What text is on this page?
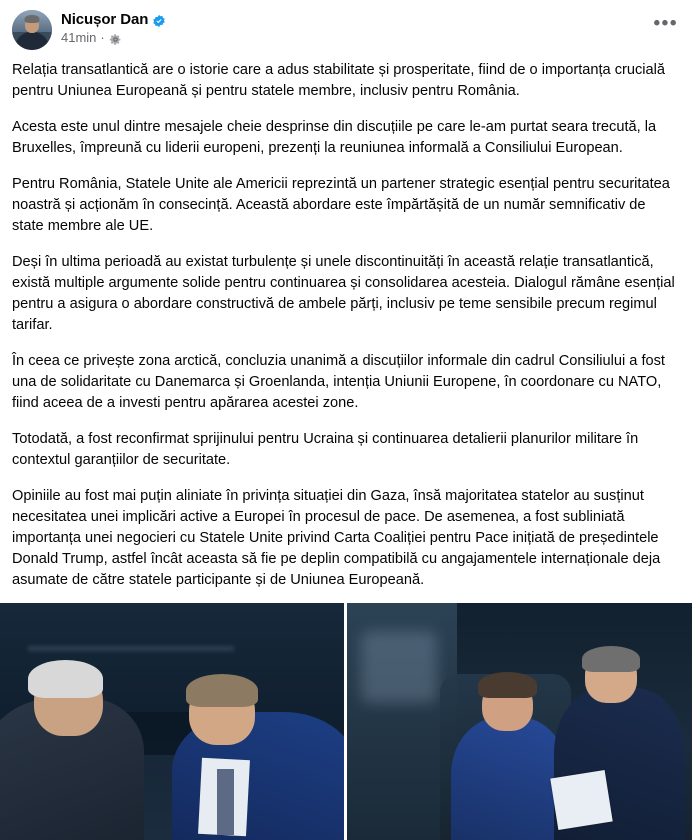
Nicușor Dan
41min ·
•••

Relația transatlantică are o istorie care a adus stabilitate și prosperitate, fiind de o importanța crucială pentru Uniunea Europeană și pentru statele membre, inclusiv pentru România.

Acesta este unul dintre mesajele cheie desprinse din discuțiile pe care le-am purtat seara trecută, la Bruxelles, împreună cu liderii europeni, prezenți la reuniunea informală a Consiliului European.

Pentru România, Statele Unite ale Americii reprezintă un partener strategic esențial pentru securitatea noastră și acționăm în consecință. Această abordare este împărtășită de un număr semnificativ de state membre ale UE.

Deși în ultima perioadă au existat turbulențe și unele discontinuități în această relație transatlantică, există multiple argumente solide pentru continuarea și consolidarea acesteia. Dialogul rămâne esențial pentru a asigura o abordare constructivă de ambele părți, inclusiv pe teme sensibile precum regimul tarifar.

În ceea ce privește zona arctică, concluzia unanimă a discuțiilor informale din cadrul Consiliului a fost una de solidaritate cu Danemarca și Groenlanda, intenția Uniunii Europene, în coordonare cu NATO, fiind aceea de a investi pentru apărarea acestei zone.

Totodată, a fost reconfirmat sprijinului pentru Ucraina și continuarea detalierii planurilor militare în contextul garanțiilor de securitate.

Opiniile au fost mai puțin aliniate în privința situației din Gaza, însă majoritatea statelor au susținut necesitatea unei implicări active a Europei în procesul de pace. De asemenea, a fost subliniată importanța unei negocieri cu Statele Unite privind Carta Coaliției pentru Pace inițiată de președintele Donald Trump, astfel încât aceasta să fie pe deplin compatibilă cu angajamentele internaționale deja asumate de către statele participante și de Uniunea Europeană.
